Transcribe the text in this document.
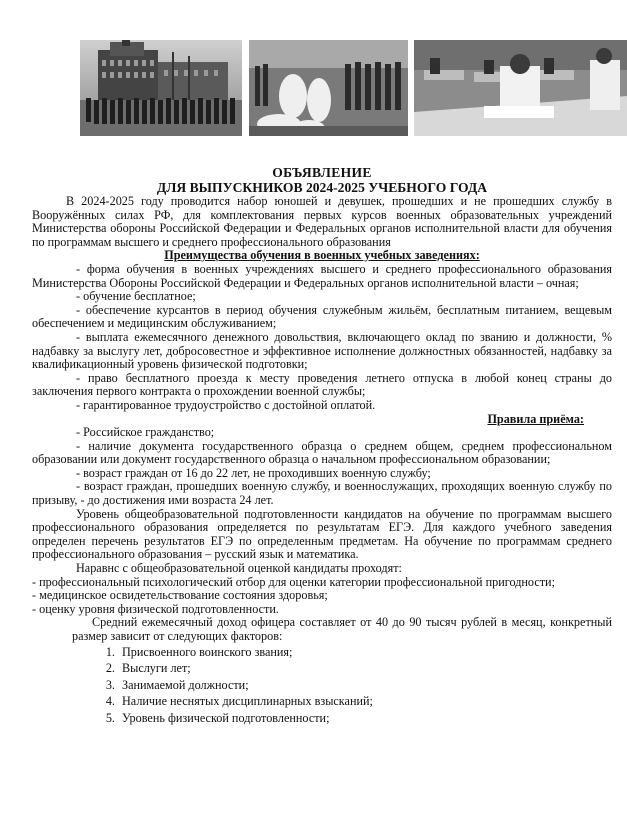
ОБЪЯВЛЕНИЕ
ДЛЯ ВЫПУСКНИКОВ 2024-2025 УЧЕБНОГО ГОДА

В 2024-2025 году проводится набор юношей и девушек, прошедших и не прошедших службу в Вооружённых силах РФ, для комплектования первых курсов военных образовательных учреждений Министерства обороны Российской Федерации и Федеральных органов исполнительной власти для обучения по программам высшего и среднего профессионального образования

Преимущества обучения в военных учебных заведениях:

- форма обучения в военных учреждениях высшего и среднего профессионального образования Министерства Обороны Российской Федерации и Федеральных органов исполнительной власти – очная;

- обучение бесплатное;

- обеспечение курсантов в период обучения служебным жильём, бесплатным питанием, вещевым обеспечением и медицинским обслуживанием;

- выплата ежемесячного денежного довольствия, включающего оклад по званию и должности, % надбавку за выслугу лет, добросовестное и эффективное исполнение должностных обязанностей, надбавку за квалификационный уровень физической подготовки;

- право бесплатного проезда к месту проведения летнего отпуска в любой конец страны до заключения первого контракта о прохождении военной службы;

- гарантированное трудоустройство с достойной оплатой.

Правила приёма:

- Российское гражданство;

- наличие документа государственного образца о среднем общем, среднем профессиональном образовании или документ государственного образца о начальном профессиональном образовании;

- возраст граждан от 16 до 22 лет, не проходивших военную службу;

- возраст граждан, прошедших военную службу, и военнослужащих, проходящих военную службу по призыву, - до достижения ими возраста 24 лет.

Уровень общеобразовательной подготовленности кандидатов на обучение по программам высшего профессионального образования определяется по результатам ЕГЭ. Для каждого учебного заведения определен перечень результатов ЕГЭ по определенным предметам. На обучение по программам среднего профессионального образования – русский язык и математика.

Наравнс с общеобразовательной оценкой кандидаты проходят:

- профессиональный психологический отбор для оценки категории профессиональной пригодности;

- медицинское освидетельствование состояния здоровья;

- оценку уровня физической подготовленности.

Средний ежемесячный доход офицера составляет от 40 до 90 тысяч рублей в месяц, конкретный размер зависит от следующих факторов:

1. Присвоенного воинского звания;
2. Выслуги лет;
3. Занимаемой должности;
4. Наличие неснятых дисциплинарных взысканий;
5. Уровень физической подготовленности;
